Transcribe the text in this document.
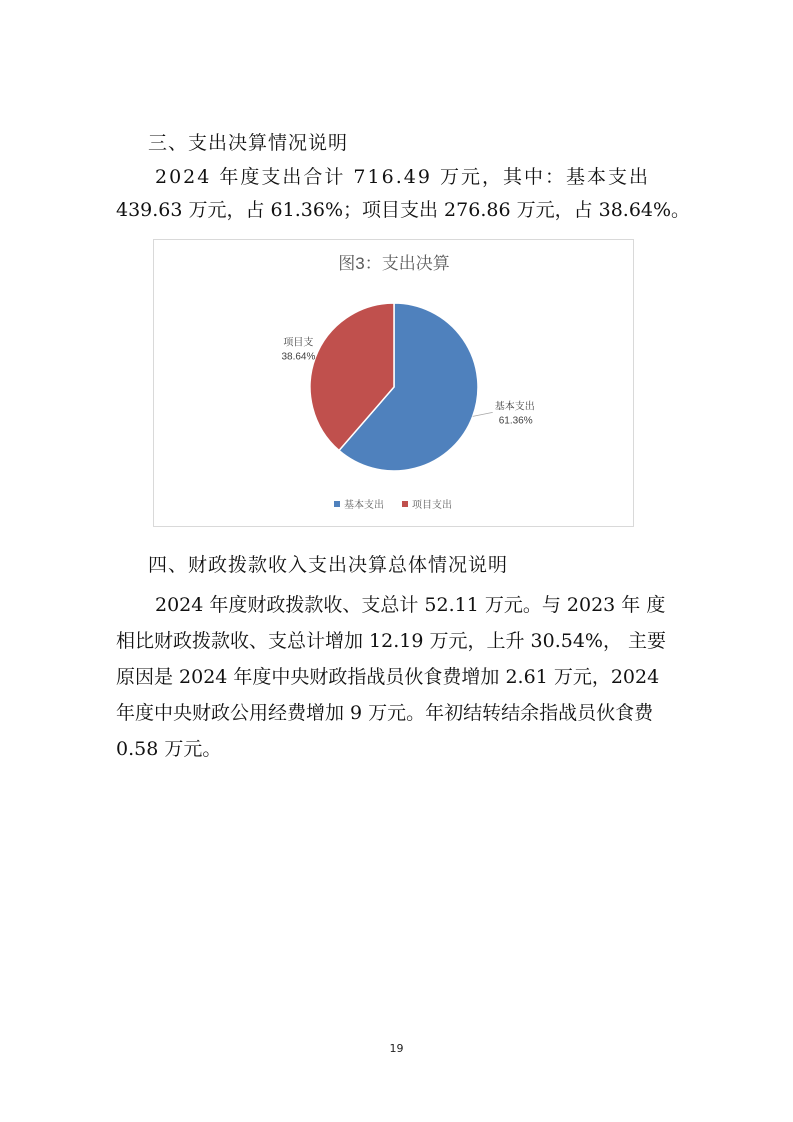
三、支出决算情况说明
2024 年度支出合计 716.49 万元，其中：基本支出
439.63 万元，占 61.36%；项目支出 276.86 万元，占 38.64%。
图3：支出决算
基本支出
61.36%
项目支
38.64%
基本支出	项目支出
四、财政拨款收入支出决算总体情况说明
2024 年度财政拨款收、支总计 52.11 万元。与 2023 年 度
相比财政拨款收、支总计增加 12.19 万元，上升 30.54%， 主要
原因是 2024 年度中央财政指战员伙食费增加 2.61 万元，2024
年度中央财政公用经费增加 9 万元。年初结转结余指战员伙食费
0.58 万元。
19
